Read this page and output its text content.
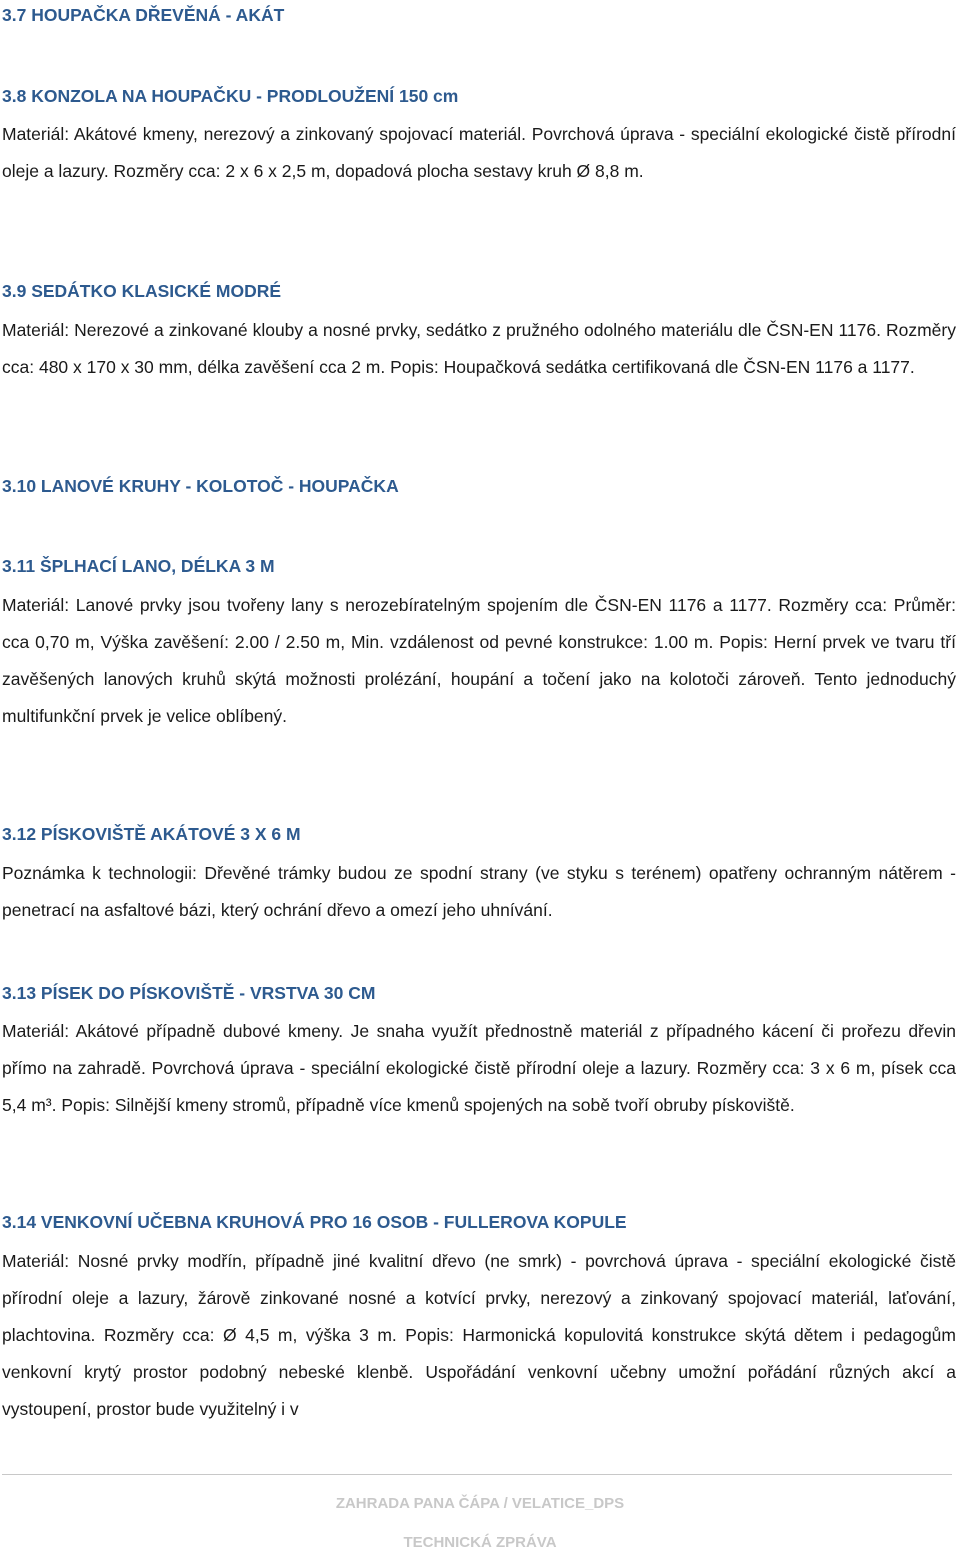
3.7 HOUPAČKA DŘEVĚNÁ - AKÁT
3.8 KONZOLA NA HOUPAČKU - PRODLOUŽENÍ 150 cm

Materiál: Akátové kmeny, nerezový a zinkovaný spojovací materiál. Povrchová úprava - speciální ekologické čistě přírodní oleje a lazury. Rozměry cca: 2 x 6 x 2,5 m, dopadová plocha sestavy kruh Ø 8,8 m.

3.9 SEDÁTKO KLASICKÉ MODRÉ

Materiál: Nerezové a zinkované klouby a nosné prvky, sedátko z pružného odolného materiálu dle ČSN-EN 1176. Rozměry cca: 480 x 170 x 30 mm, délka zavěšení cca 2 m. Popis: Houpačková sedátka certifikovaná dle ČSN-EN 1176 a 1177.

3.10 LANOVÉ KRUHY - KOLOTOČ - HOUPAČKA
3.11 ŠPLHACÍ LANO, DÉLKA 3 M

Materiál: Lanové prvky jsou tvořeny lany s nerozebíratelným spojením dle ČSN-EN 1176 a 1177. Rozměry cca: Průměr: cca 0,70 m, Výška zavěšení: 2.00 / 2.50 m, Min. vzdálenost od pevné konstrukce: 1.00 m. Popis: Herní prvek ve tvaru tří zavěšených lanových kruhů skýtá možnosti prolézání, houpání a točení jako na kolotoči zároveň. Tento jednoduchý multifunkční prvek je velice oblíbený.

3.12 PÍSKOVIŠTĚ AKÁTOVÉ 3 X 6 M

Poznámka k technologii: Dřevěné trámky budou ze spodní strany (ve styku s terénem) opatřeny ochranným nátěrem - penetrací na asfaltové bázi, který ochrání dřevo a omezí jeho uhnívání.

3.13 PÍSEK DO PÍSKOVIŠTĚ - VRSTVA 30 CM

Materiál: Akátové případně dubové kmeny. Je snaha využít přednostně materiál z případného kácení či prořezu dřevin přímo na zahradě. Povrchová úprava - speciální ekologické čistě přírodní oleje a lazury. Rozměry cca: 3 x 6 m, písek cca 5,4 m³. Popis: Silnější kmeny stromů, případně více kmenů spojených na sobě tvoří obruby pískoviště.

3.14 VENKOVNÍ UČEBNA KRUHOVÁ PRO 16 OSOB - FULLEROVA KOPULE

Materiál: Nosné prvky modřín, případně jiné kvalitní dřevo (ne smrk) - povrchová úprava - speciální ekologické čistě přírodní oleje a lazury, žárově zinkované nosné a kotvící prvky, nerezový a zinkovaný spojovací materiál, laťování, plachtovina. Rozměry cca: Ø 4,5 m, výška 3 m. Popis: Harmonická kopulovitá konstrukce skýtá dětem i pedagogům venkovní krytý prostor podobný nebeské klenbě. Uspořádání venkovní učebny umožní pořádání různých akcí a vystoupení, prostor bude využitelný i v

ZAHRADA PANA ČÁPA / VELATICE_DPS
TECHNICKÁ ZPRÁVA
